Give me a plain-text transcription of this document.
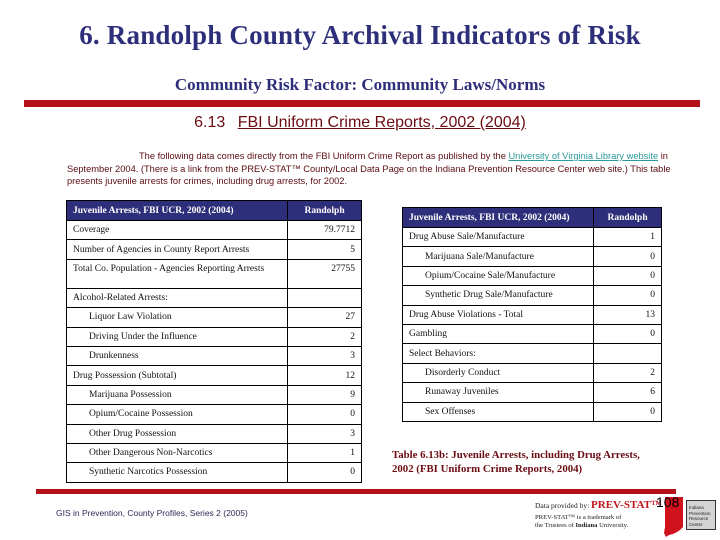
6. Randolph County Archival Indicators of Risk
Community Risk Factor: Community Laws/Norms
6.13 FBI Uniform Crime Reports, 2002 (2004)
The following data comes directly from the FBI Uniform Crime Report as published by the University of Virginia Library website in September 2004. (There is a link from the PREV-STAT™ County/Local Data Page on the Indiana Prevention Resource Center web site.) This table presents juvenile arrests for crimes, including drug arrests, for 2002.
Juvenile Arrests, FBI UCR, 2002 (2004)	Randolph
Coverage	79.7712
Number of Agencies in County Report Arrests	5
Total Co. Population - Agencies Reporting Arrests	27755
Alcohol-Related Arrests:	
Liquor Law Violation	27
Driving Under the Influence	2
Drunkenness	3
Drug Possession (Subtotal)	12
Marijuana Possession	9
Opium/Cocaine Possession	0
Other Drug Possession	3
Other Dangerous Non-Narcotics	1
Synthetic Narcotics Possession	0
Juvenile Arrests, FBI UCR, 2002 (2004)	Randolph
Drug Abuse Sale/Manufacture	1
Marijuana Sale/Manufacture	0
Opium/Cocaine Sale/Manufacture	0
Synthetic Drug Sale/Manufacture	0
Drug Abuse Violations - Total	13
Gambling	0
Select Behaviors:	
Disorderly Conduct	2
Runaway Juveniles	6
Sex Offenses	0
Table 6.13b: Juvenile Arrests, including Drug Arrests,
2002 (FBI Uniform Crime Reports, 2004)
GIS in Prevention, County Profiles, Series 2 (2005)
Data provided by: PREV-STAT™
PREV-STAT™ is a trademark of
the Trustees of Indiana University.
108	Indiana Prevention Resource Center
